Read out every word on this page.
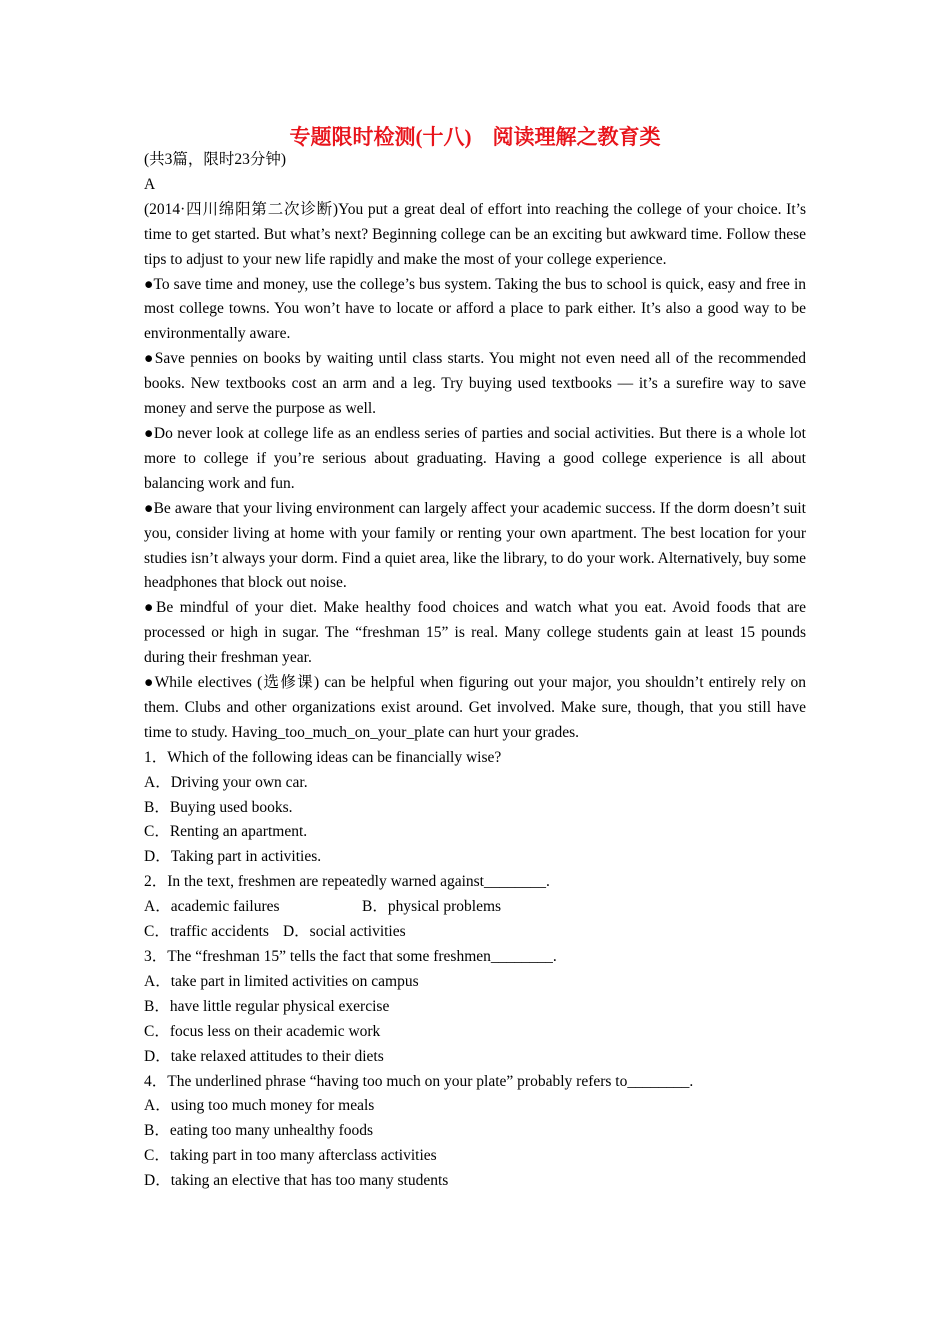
专题限时检测(十八)　阅读理解之教育类
(共3篇，限时23分钟)
A

(2014·四川绵阳第二次诊断)You put a great deal of effort into reaching the college of your choice. It’s time to get started. But what’s next? Beginning college can be an exciting but awkward time. Follow these tips to adjust to your new life rapidly and make the most of your college experience.

●To save time and money, use the college’s bus system. Taking the bus to school is quick, easy and free in most college towns. You won’t have to locate or afford a place to park either. It’s also a good way to be environmentally aware.

●Save pennies on books by waiting until class starts. You might not even need all of the recommended books. New textbooks cost an arm and a leg. Try buying used textbooks — it’s a surefire way to save money and serve the purpose as well.

●Do never look at college life as an endless series of parties and social activities. But there is a whole lot more to college if you’re serious about graduating. Having a good college experience is all about balancing work and fun.

●Be aware that your living environment can largely affect your academic success. If the dorm doesn’t suit you, consider living at home with your family or renting your own apartment. The best location for your studies isn’t always your dorm. Find a quiet area, like the library, to do your work. Alternatively, buy some headphones that block out noise.

●Be mindful of your diet. Make healthy food choices and watch what you eat. Avoid foods that are processed or high in sugar. The “freshman 15” is real. Many college students gain at least 15 pounds during their freshman year.

●While electives (选修课) can be helpful when figuring out your major, you shouldn’t entirely rely on them. Clubs and other organizations exist around. Get involved. Make sure, though, that you still have time to study. Having_too_much_on_your_plate can hurt your grades.

1．Which of the following ideas can be financially wise?
A．Driving your own car.
B．Buying used books.
C．Renting an apartment.
D．Taking part in activities.
2．In the text, freshmen are repeatedly warned against________.
A．academic failures	B．physical problems
C．traffic accidents D．social activities
3．The “freshman 15” tells the fact that some freshmen________.
A．take part in limited activities on campus
B．have little regular physical exercise
C．focus less on their academic work
D．take relaxed attitudes to their diets
4．The underlined phrase “having too much on your plate” probably refers to________.
A．using too much money for meals
B．eating too many unhealthy foods
C．taking part in too many afterclass activities
D．taking an elective that has too many students
